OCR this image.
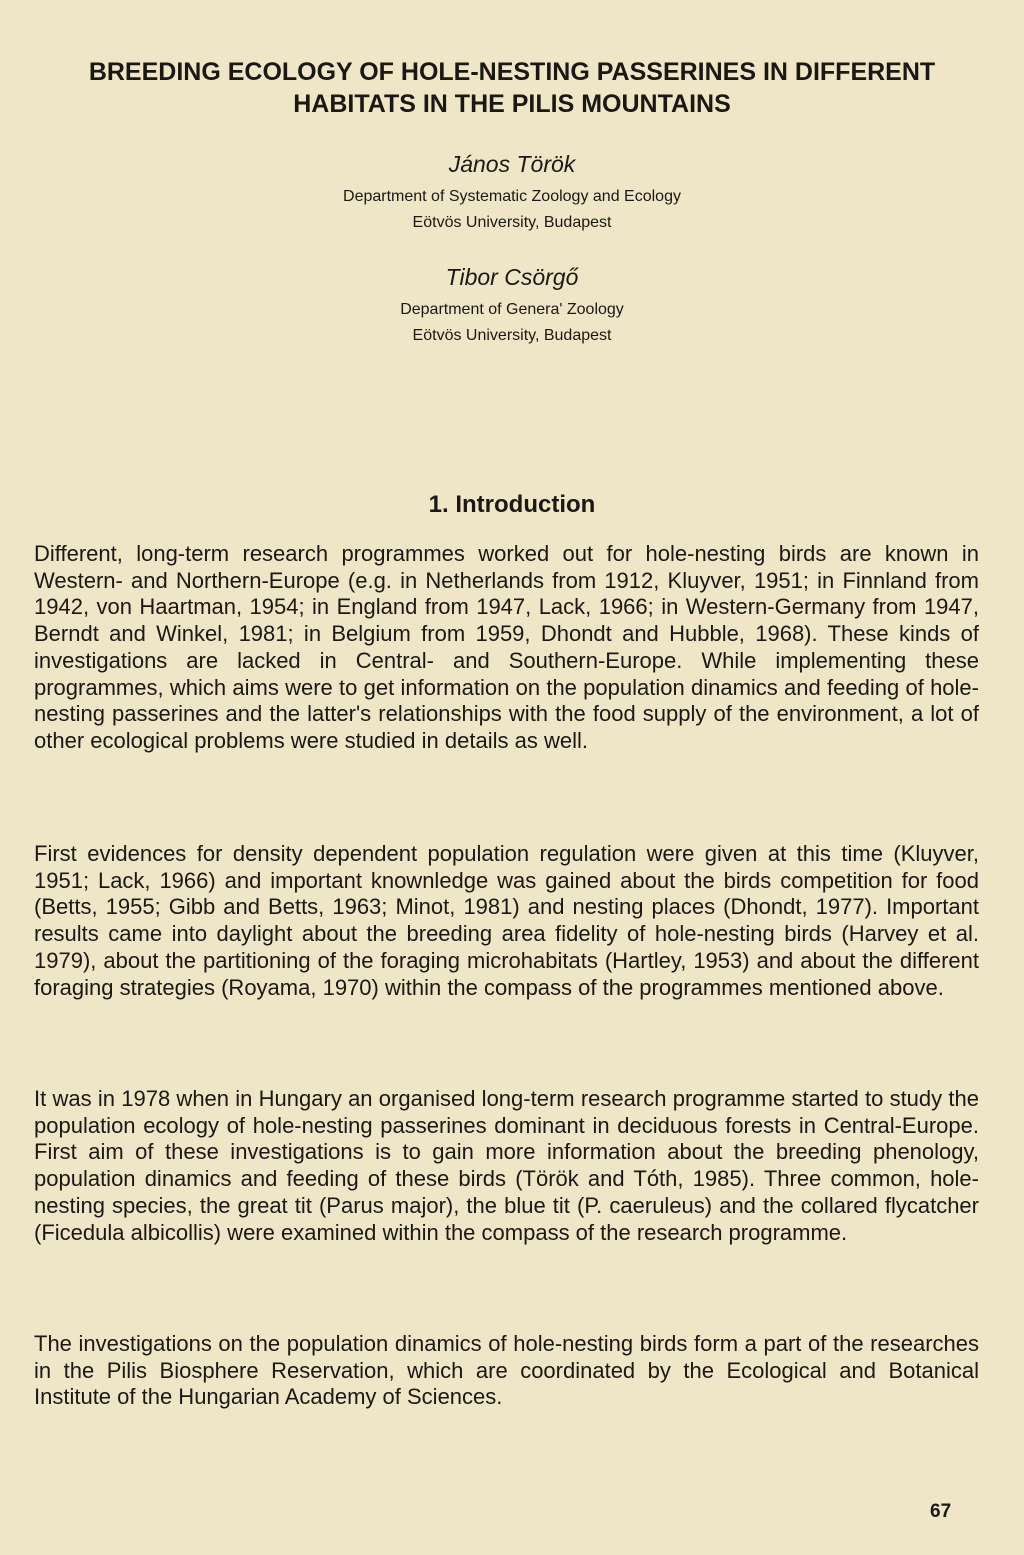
BREEDING ECOLOGY OF HOLE-NESTING PASSERINES IN DIFFERENT HABITATS IN THE PILIS MOUNTAINS

János Török

Department of Systematic Zoology and Ecology

Eötvös University, Budapest

Tibor Csörgő

Department of Genera' Zoology

Eötvös University, Budapest

1. Introduction

Different, long-term research programmes worked out for hole-nesting birds are known in Western- and Northern-Europe (e.g. in Netherlands from 1912, Kluyver, 1951; in Finnland from 1942, von Haartman, 1954; in England from 1947, Lack, 1966; in Western-Germany from 1947, Berndt and Winkel, 1981; in Belgium from 1959, Dhondt and Hubble, 1968). These kinds of investigations are lacked in Central- and Southern-Europe. While implementing these programmes, which aims were to get information on the population dinamics and feeding of hole-nesting passerines and the latter's relationships with the food supply of the environment, a lot of other ecological problems were studied in details as well.

First evidences for density dependent population regulation were given at this time (Kluyver, 1951; Lack, 1966) and important knownledge was gained about the birds competition for food (Betts, 1955; Gibb and Betts, 1963; Minot, 1981) and nesting places (Dhondt, 1977). Important results came into daylight about the breeding area fidelity of hole-nesting birds (Harvey et al. 1979), about the partitioning of the foraging microhabitats (Hartley, 1953) and about the different foraging strategies (Royama, 1970) within the compass of the programmes mentioned above.

It was in 1978 when in Hungary an organised long-term research programme started to study the population ecology of hole-nesting passerines dominant in deciduous forests in Central-Europe. First aim of these investigations is to gain more information about the breeding phenology, population dinamics and feeding of these birds (Török and Tóth, 1985). Three common, hole-nesting species, the great tit (Parus major), the blue tit (P. caeruleus) and the collared flycatcher (Ficedula albicollis) were examined within the compass of the research programme.

The investigations on the population dinamics of hole-nesting birds form a part of the researches in the Pilis Biosphere Reservation, which are coordinated by the Ecological and Botanical Institute of the Hungarian Academy of Sciences.

67
